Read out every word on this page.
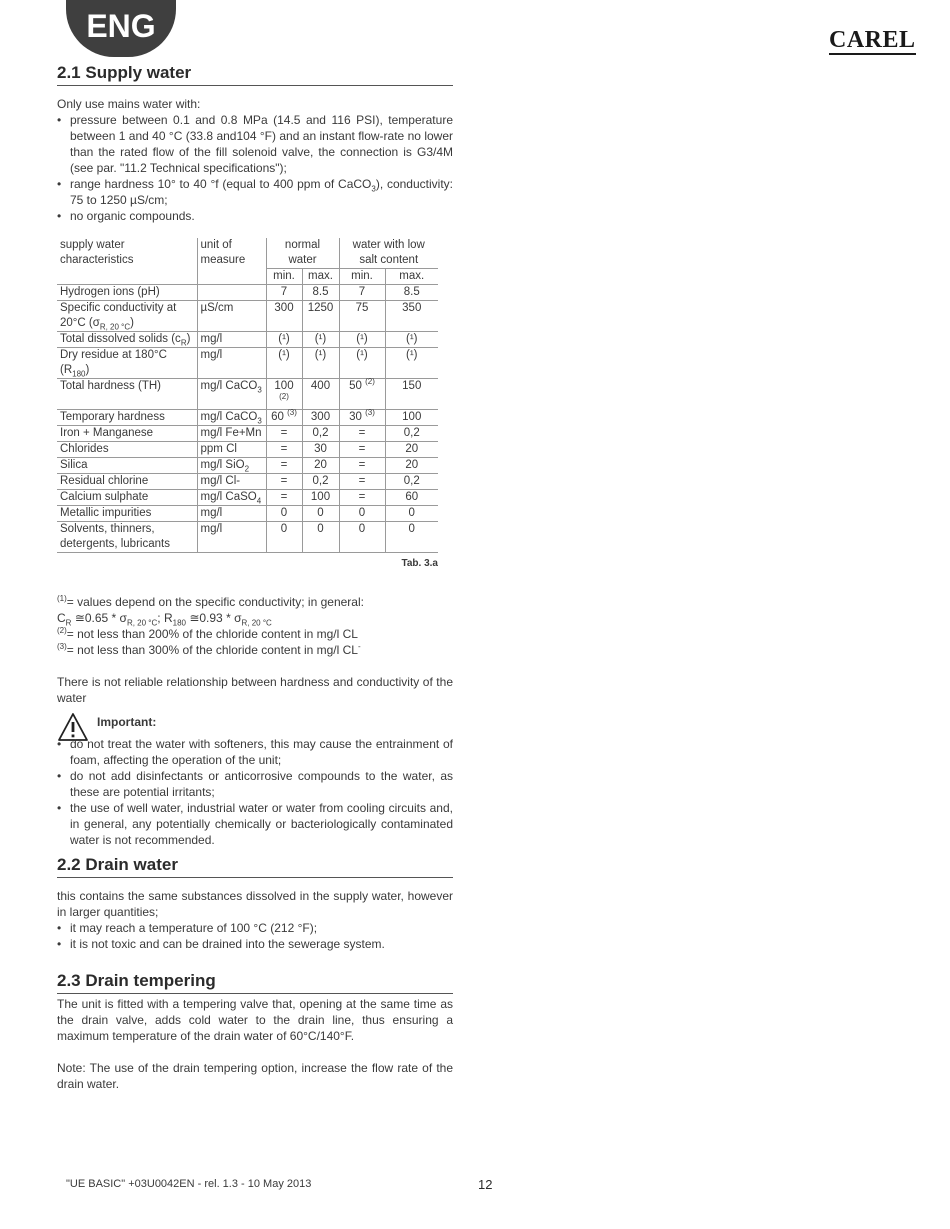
ENG	CAREL
2.1 Supply water

Only use mains water with:

• pressure between 0.1 and 0.8 MPa (14.5 and 116 PSI), temperature between 1 and 40 °C (33.8 and104 °F) and an instant flow-rate no lower than the rated flow of the fill solenoid valve, the connection is G3/4M (see par. "11.2 Technical specifications");
• range hardness 10° to 40 °f (equal to 400 ppm of CaCO$_3$), conductivity: 75 to 1250 µS/cm;
• no organic compounds.
supply water characteristics	unit of measure	normal water		water with low salt content	
		min.	max.	min.	max.
Hydrogen ions (pH)		7	8.5	7	8.5
Specific conductivity at 20°C $(\sigma_{R, 20 ^\circ C})$	µS/cm	300	1250	75	350
Total dissolved solids $(c_R)$	mg/l	(¹)	(¹)	(¹)	(¹)
Dry residue at 180°C $(R_{180})$	mg/l	(¹)	(¹)	(¹)	(¹)
Total hardness (TH)	mg/l CaCO$_3$	100 $^{(2)}$	400	50 $^{(2)}$	150
Temporary hardness	mg/l CaCO$_3$	60 $^{(3)}$	300	30 $^{(3)}$	100
Iron + Manganese	mg/l Fe+Mn	=	0,2	=	0,2
Chlorides	ppm Cl	=	30	=	20
Silica	mg/l SiO$_2$	=	20	=	20
Residual chlorine	mg/l Cl-	=	0,2	=	0,2
Calcium sulphate	mg/l CaSO$_4$	=	100	=	60
Metallic impurities	mg/l	0	0	0	0
Solvents, thinners, detergents, lubricants	mg/l	0	0	0	0
Tab. 3.a

$^{(1)}$= values depend on the specific conductivity; in general:

$C_R$ ≅0.65 * $\sigma_{R, 20 ^\circ C}$; $R_{180}$ ≅0.93 * $\sigma_{R, 20 ^\circ C}$

$^{(2)}$= not less than 200% of the chloride content in mg/l CL

$^{(3)}$= not less than 300% of the chloride content in mg/l CL-

There is not reliable relationship between hardness and conductivity of the water

Important:
• do not treat the water with softeners, this may cause the entrainment of foam, affecting the operation of the unit;
• do not add disinfectants or anticorrosive compounds to the water, as these are potential irritants;
• the use of well water, industrial water or water from cooling circuits and, in general, any potentially chemically or bacteriologically contaminated water is not recommended.
2.2 Drain water

this contains the same substances dissolved in the supply water, however in larger quantities;

• it may reach a temperature of 100 °C (212 °F);
• it is not toxic and can be drained into the sewerage system.
2.3 Drain tempering

The unit is fitted with a tempering valve that, opening at the same time as the drain valve, adds cold water to the drain line, thus ensuring a maximum temperature of the drain water of 60°C/140°F.

Note: The use of the drain tempering option, increase the flow rate of the drain water.

"UE BASIC" +03U0042EN - rel. 1.3 - 10 May 2013	12
